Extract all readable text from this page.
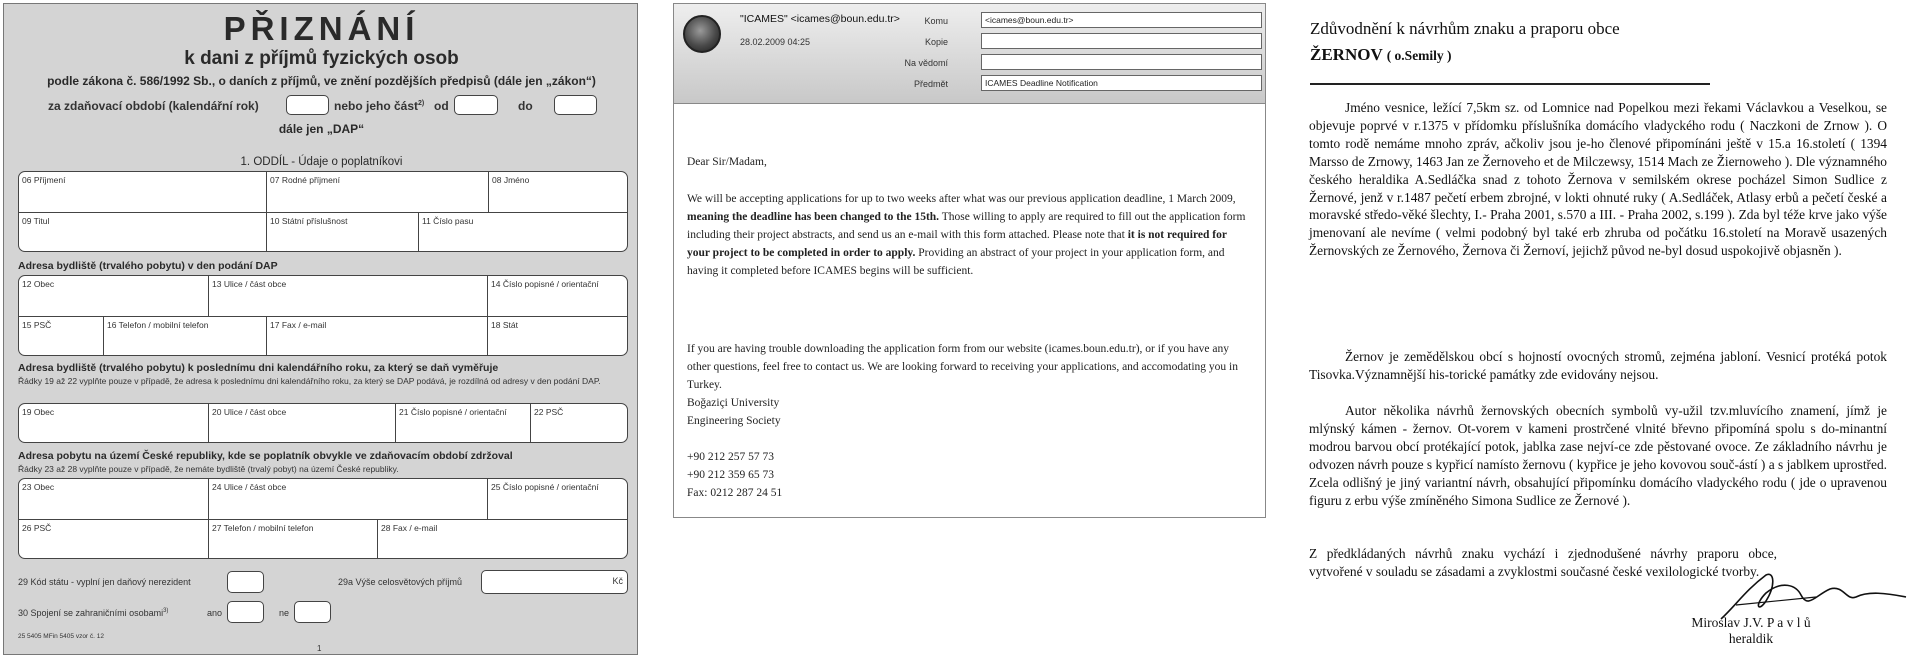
PŘIZNÁNÍ
k dani z příjmů fyzických osob
podle zákona č. 586/1992 Sb., o daních z příjmů, ve znění pozdějších předpisů (dále jen „zákon“)
za zdaňovací období (kalendářní rok)	nebo jeho část$^{2)}$ od	do
dále jen „DAP“
1. ODDÍL - Údaje o poplatníkovi
06 Příjmení	07 Rodné příjmení	08 Jméno
09 Titul	10 Státní příslušnost	11 Číslo pasu
Adresa bydliště (trvalého pobytu) v den podání DAP
12 Obec	13 Ulice / část obce	14 Číslo popisné / orientační
15 PSČ	16 Telefon / mobilní telefon	17 Fax / e-mail	18 Stát
Adresa bydliště (trvalého pobytu) k poslednímu dni kalendářního roku, za který se daň vyměřuje
Řádky 19 až 22 vyplňte pouze v případě, že adresa k poslednímu dni kalendářního roku, za který se DAP podává, je rozdílná od adresy v den podání DAP.
19 Obec	20 Ulice / část obce	21 Číslo popisné / orientační	22 PSČ
Adresa pobytu na území České republiky, kde se poplatník obvykle ve zdaňovacím období zdržoval
Řádky 23 až 28 vyplňte pouze v případě, že nemáte bydliště (trvalý pobyt) na území České republiky.
23 Obec	24 Ulice / část obce	25 Číslo popisné / orientační
26 PSČ	27 Telefon / mobilní telefon	28 Fax / e-mail
29 Kód státu - vyplní jen daňový nerezident	29a Výše celosvětových příjmů	Kč
30 Spojení se zahraničními osobami$^{3)}$	ano	ne
25 5405 MFin 5405 vzor č. 12
1
"ICAMES" <icames@boun.edu.tr>
28.02.2009 04:25
Komu	<icames@boun.edu.tr>
Kopie
Na vědomí
Předmět	ICAMES Deadline Notification
Dear Sir/Madam,
We will be accepting applications for up to two weeks after what was our previous application deadline, 1 March 2009, meaning the deadline has been changed to the 15th. Those willing to apply are required to fill out the application form including their project abstracts, and send us an e-mail with this form attached. Please note that it is not required for your project to be completed in order to apply. Providing an abstract of your project in your application form, and having it completed before ICAMES begins will be sufficient.
If you are having trouble downloading the application form from our website (icames.boun.edu.tr), or if you have any other questions, feel free to contact us. We are looking forward to receiving your applications, and accomodating you in Turkey.
Boğaziçi University
Engineering Society
+90 212 257 57 73
+90 212 359 65 73
Fax: 0212 287 24 51
Zdůvodnění k návrhům znaku a praporu obce
ŽERNOV ( o.Semily )
Jméno vesnice, ležící 7,5km sz. od Lomnice nad Popelkou mezi řekami Václavkou a Veselkou, se objevuje poprvé v r.1375 v přídomku příslušníka domácího vladyckého rodu ( Naczkoni de Zrnow ). O tomto rodě nemáme mnoho zpráv, ačkoliv jsou je-ho členové připomínáni ještě v 15.a 16.století ( 1394 Marsso de Zrnowy, 1463 Jan ze Žernoveho et de Milczewsy, 1514 Mach ze Žiernoweho ). Dle významného českého heraldika A.Sedláčka snad z tohoto Žernova v semilském okrese pocházel Simon Sudlice z Žernové, jenž v r.1487 pečetí erbem zbrojné, v lokti ohnuté ruky ( A.Sedláček, Atlasy erbů a pečetí české a moravské středo-věké šlechty, I.- Praha 2001, s.570 a III. - Praha 2002, s.199 ). Zda byl téže krve jako výše jmenovaní ale nevíme ( velmi podobný byl také erb zhruba od počátku 16.století na Moravě usazených Žernovských ze Žernového, Žernova či Žernoví, jejichž původ ne-byl dosud uspokojivě objasněn ).
Žernov je zemědělskou obcí s hojností ovocných stromů, zejména jabloní. Vesnicí protéká potok Tisovka.Významnější his-torické památky zde evidovány nejsou.
Autor několika návrhů žernovských obecních symbolů vy-užil tzv.mluvícího znamení, jímž je mlýnský kámen - žernov. Ot-vorem v kameni prostrčené vlnité břevno připomíná spolu s do-minantní modrou barvou obcí protékající potok, jablka zase nejví-ce zde pěstované ovoce. Ze základního návrhu je odvozen návrh pouze s kypřicí namísto žernovu ( kypřice je jeho kovovou souč-ástí ) a s jablkem uprostřed. Zcela odlišný je jiný variantní návrh, obsahující připomínku domácího vladyckého rodu ( jde o upravenou figuru z erbu výše zmíněného Simona Sudlice ze Žernové ).
Z předkládaných návrhů znaku vychází i zjednodušené návrhy praporu obce, vytvořené v souladu se zásadami a zvyklostmi současné české vexilologické tvorby.
Miroslav J.V. P a v l ů
heraldik
